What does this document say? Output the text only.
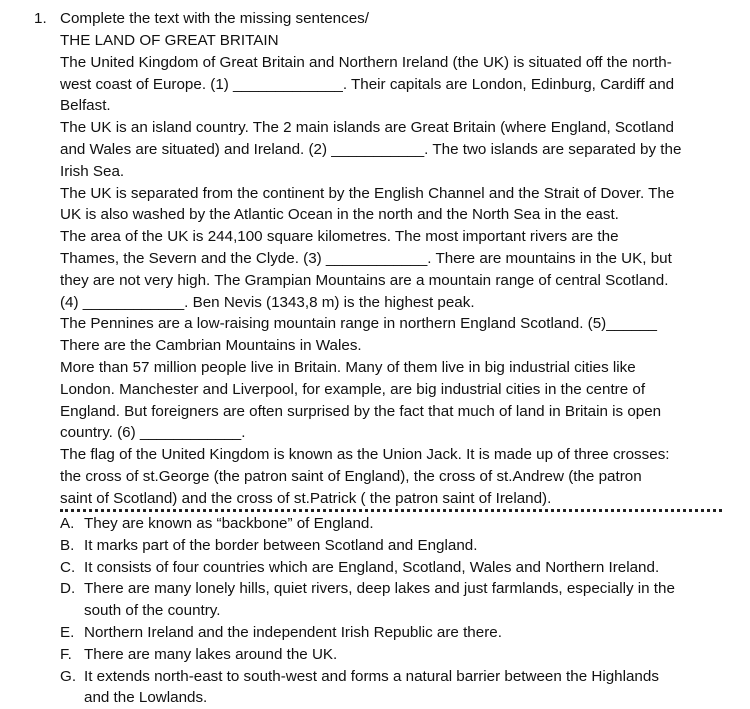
1. Complete the text with the missing sentences/
THE LAND OF GREAT BRITAIN
The United Kingdom of Great Britain and Northern Ireland (the UK) is situated off the north-
west coast of Europe. (1) _____________. Their capitals are London, Edinburg, Cardiff and
Belfast.
The UK is an island country. The 2 main islands are Great Britain (where England, Scotland
and Wales are situated) and Ireland. (2) ___________. The two islands are separated by the
Irish Sea.
The UK is separated from the continent by the English Channel and the Strait of Dover. The
UK is also washed by the Atlantic Ocean in the north and the North Sea in the east.
The area of the UK is 244,100 square kilometres. The most important rivers are the
Thames, the Severn and the Clyde. (3) ____________. There are mountains in the UK, but
they are not very high. The Grampian Mountains are a mountain range of central Scotland.
(4) ____________. Ben Nevis (1343,8 m) is the highest peak.
The Pennines are a low-raising mountain range in northern England Scotland. (5)______
There are the Cambrian Mountains in Wales.
More than 57 million people live in Britain. Many of them live in big industrial cities like
London. Manchester and Liverpool, for example, are big industrial cities in the centre of
England. But foreigners are often surprised by the fact that much of land in Britain is open
country. (6) ____________.
The flag of the United Kingdom is known as the Union Jack. It is made up of three crosses:
the cross of st.George (the patron saint of England), the cross of st.Andrew (the patron
saint of Scotland) and the cross of st.Patrick ( the patron saint of Ireland).
A. They are known as “backbone” of England.
B. It marks part of the border between Scotland and England.
C. It consists of four countries which are England, Scotland, Wales and Northern Ireland.
D. There are many lonely hills, quiet rivers, deep lakes and just farmlands, especially in the
south of the country.
E. Northern Ireland and the independent Irish Republic are there.
F. There are many lakes around the UK.
G. It extends north-east to south-west and forms a natural barrier between the Highlands
and the Lowlands.
